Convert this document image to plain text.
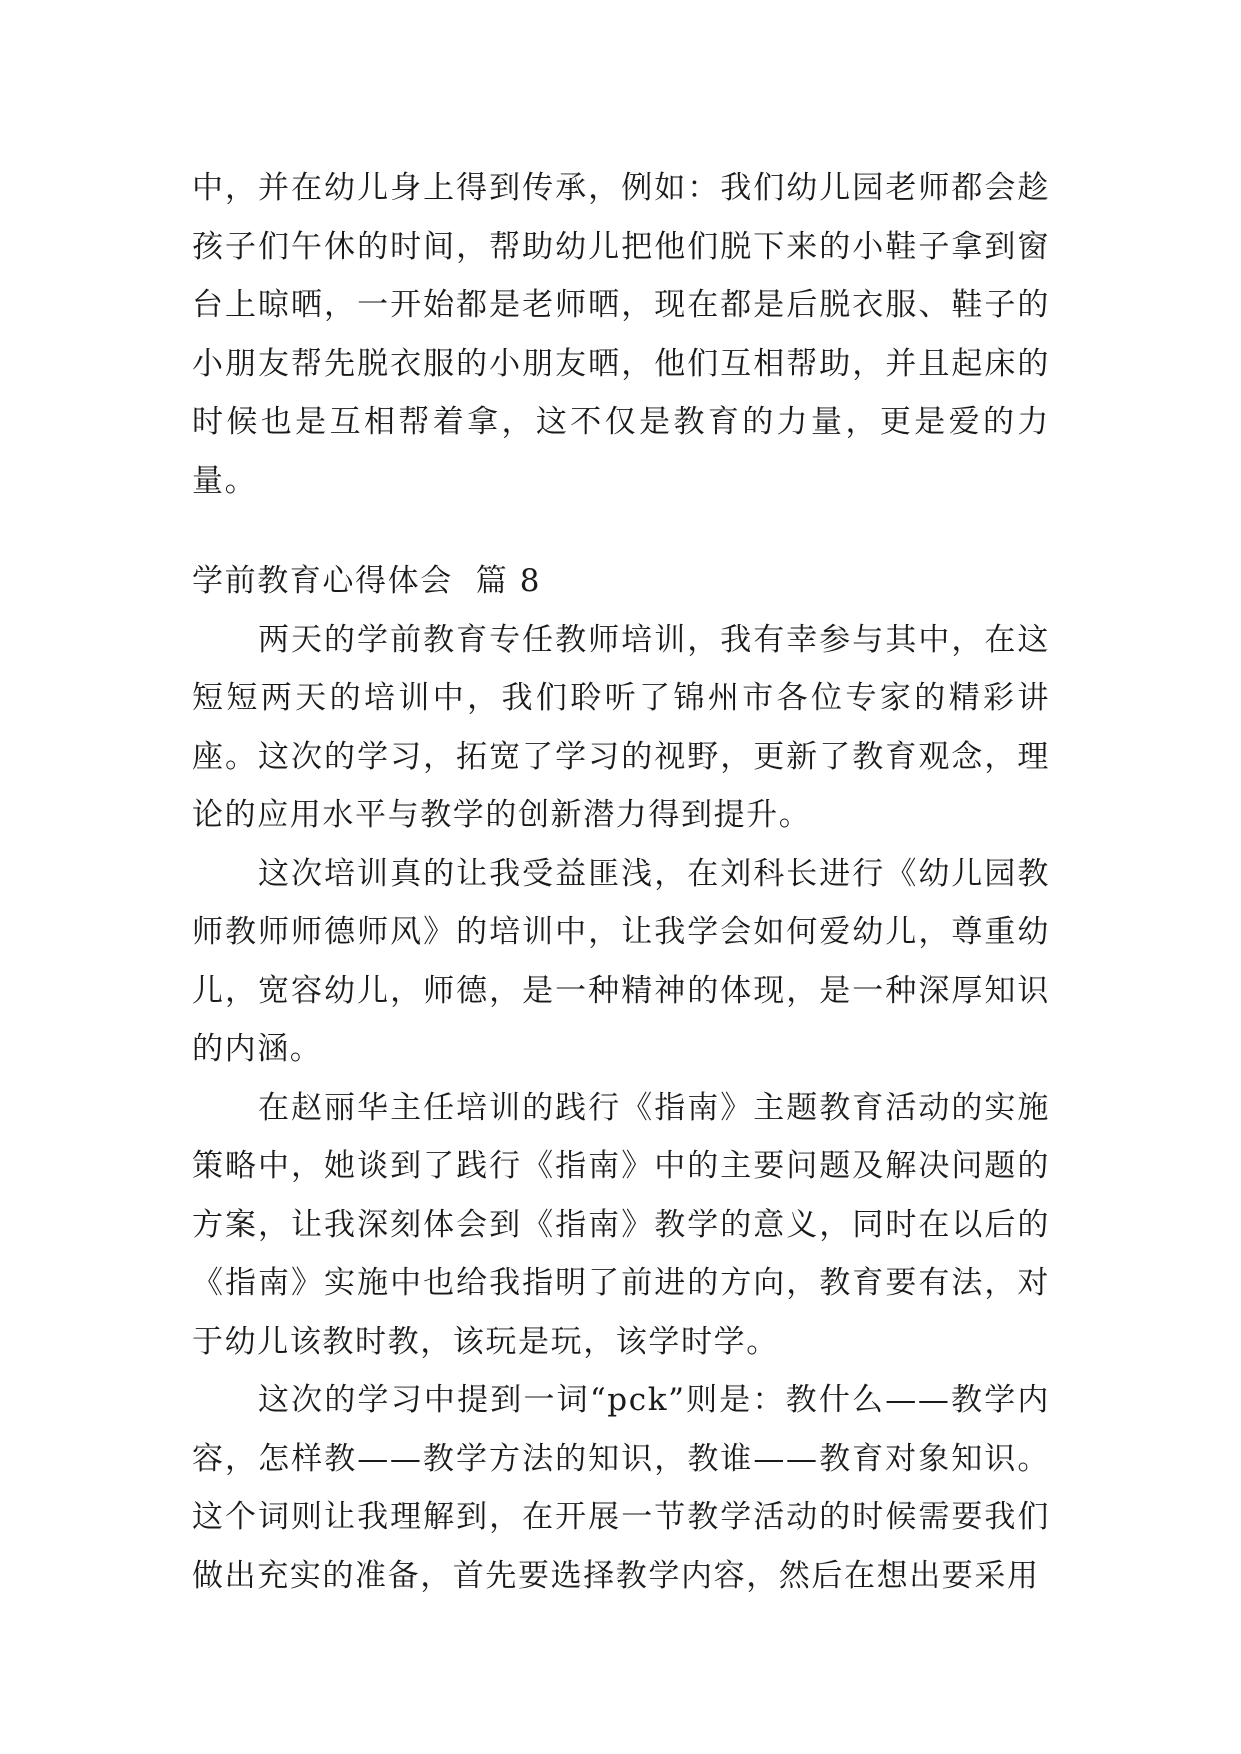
中，并在幼儿身上得到传承，例如：我们幼儿园老师都会趁孩子们午休的时间，帮助幼儿把他们脱下来的小鞋子拿到窗台上晾晒，一开始都是老师晒，现在都是后脱衣服、鞋子的小朋友帮先脱衣服的小朋友晒，他们互相帮助，并且起床的时候也是互相帮着拿，这不仅是教育的力量，更是爱的力量。

学前教育心得体会  篇 8

两天的学前教育专任教师培训，我有幸参与其中，在这短短两天的培训中，我们聆听了锦州市各位专家的精彩讲座。这次的学习，拓宽了学习的视野，更新了教育观念，理论的应用水平与教学的创新潜力得到提升。

这次培训真的让我受益匪浅，在刘科长进行《幼儿园教师教师师德师风》的培训中，让我学会如何爱幼儿，尊重幼儿，宽容幼儿，师德，是一种精神的体现，是一种深厚知识的内涵。

在赵丽华主任培训的践行《指南》主题教育活动的实施策略中，她谈到了践行《指南》中的主要问题及解决问题的方案，让我深刻体会到《指南》教学的意义，同时在以后的《指南》实施中也给我指明了前进的方向，教育要有法，对于幼儿该教时教，该玩是玩，该学时学。

这次的学习中提到一词“pck”则是：教什么——教学内容，怎样教——教学方法的知识，教谁——教育对象知识。这个词则让我理解到，在开展一节教学活动的时候需要我们做出充实的准备，首先要选择教学内容，然后在想出要采用
